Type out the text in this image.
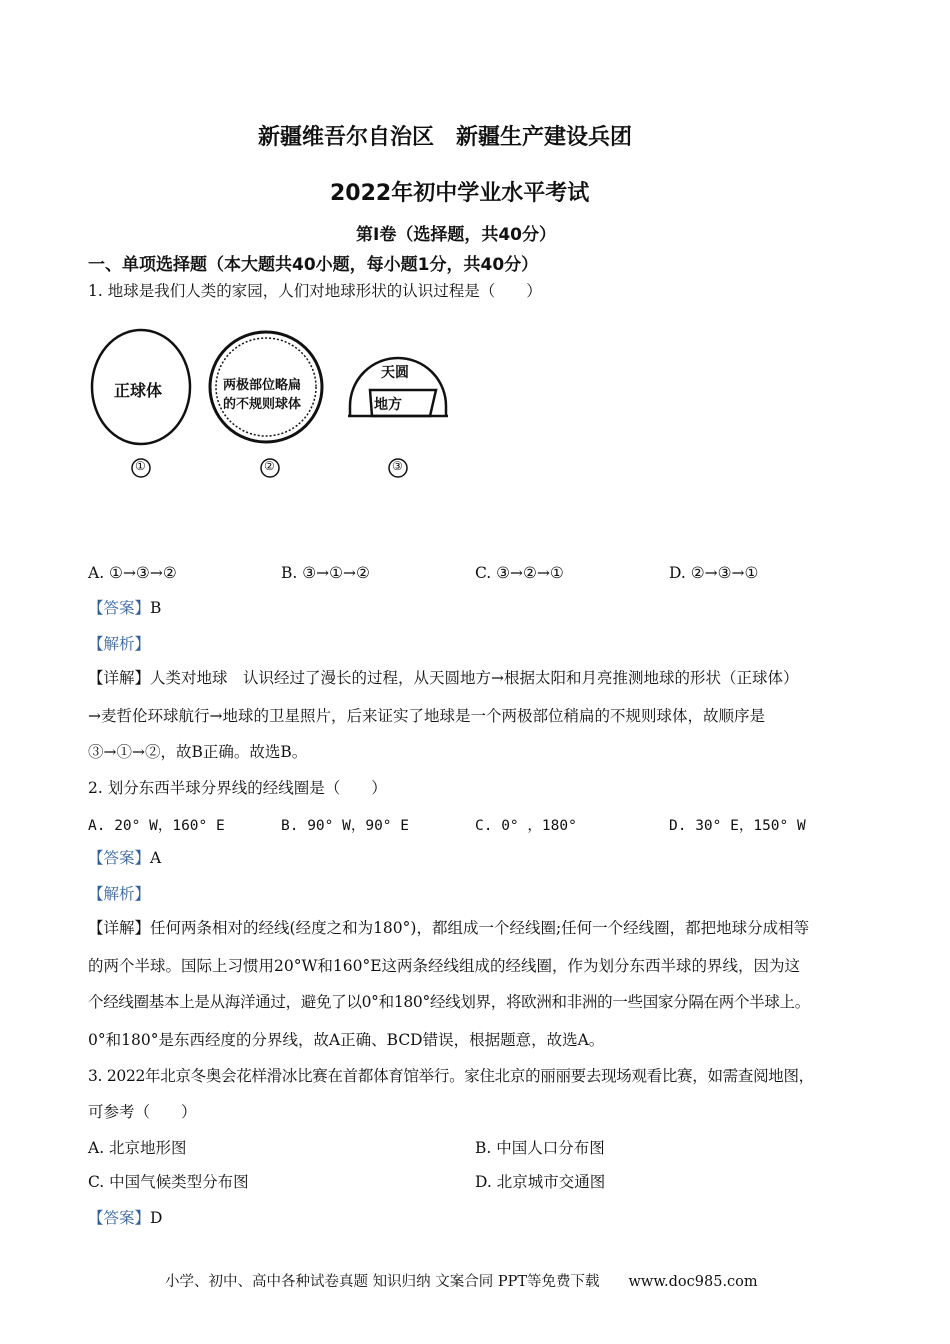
新疆维吾尔自治区　新疆生产建设兵团
2022年初中学业水平考试
第Ⅰ卷（选择题，共40分）
一、单项选择题（本大题共40小题，每小题1分，共40分）
1. 地球是我们人类的家园，人们对地球形状的认识过程是（　　）
正球体	两极部位略扁
的不规则球体
天圆
地方
①	②	③
A. ①→③→②	B. ③→①→②	C. ③→②→①	D. ②→③→①
【答案】B
【解析】
【详解】人类对地球　认识经过了漫长的过程，从天圆地方→根据太阳和月亮推测地球的形状（正球体）
→麦哲伦环球航行→地球的卫星照片，后来证实了地球是一个两极部位稍扁的不规则球体，故顺序是
③→①→②，故B正确。故选B。
2. 划分东西半球分界线的经线圈是（　　）
A. 20° W，160° E	B. 90° W，90° E	C. 0° ，180°	D. 30° E，150° W
【答案】A
【解析】
【详解】任何两条相对的经线(经度之和为180°)，都组成一个经线圈;任何一个经线圈，都把地球分成相等
的两个半球。国际上习惯用20°W和160°E这两条经线组成的经线圈，作为划分东西半球的界线，因为这
个经线圈基本上是从海洋通过，避免了以0°和180°经线划界，将欧洲和非洲的一些国家分隔在两个半球上。
0°和180°是东西经度的分界线，故A正确、BCD错误，根据题意，故选A。
3. 2022年北京冬奥会花样滑冰比赛在首都体育馆举行。家住北京的丽丽要去现场观看比赛，如需查阅地图，
可参考（　　）
A. 北京地形图	B. 中国人口分布图
C. 中国气候类型分布图	D. 北京城市交通图
【答案】D
小学、初中、高中各种试卷真题 知识归纳 文案合同 PPT等免费下载　　www.doc985.com
